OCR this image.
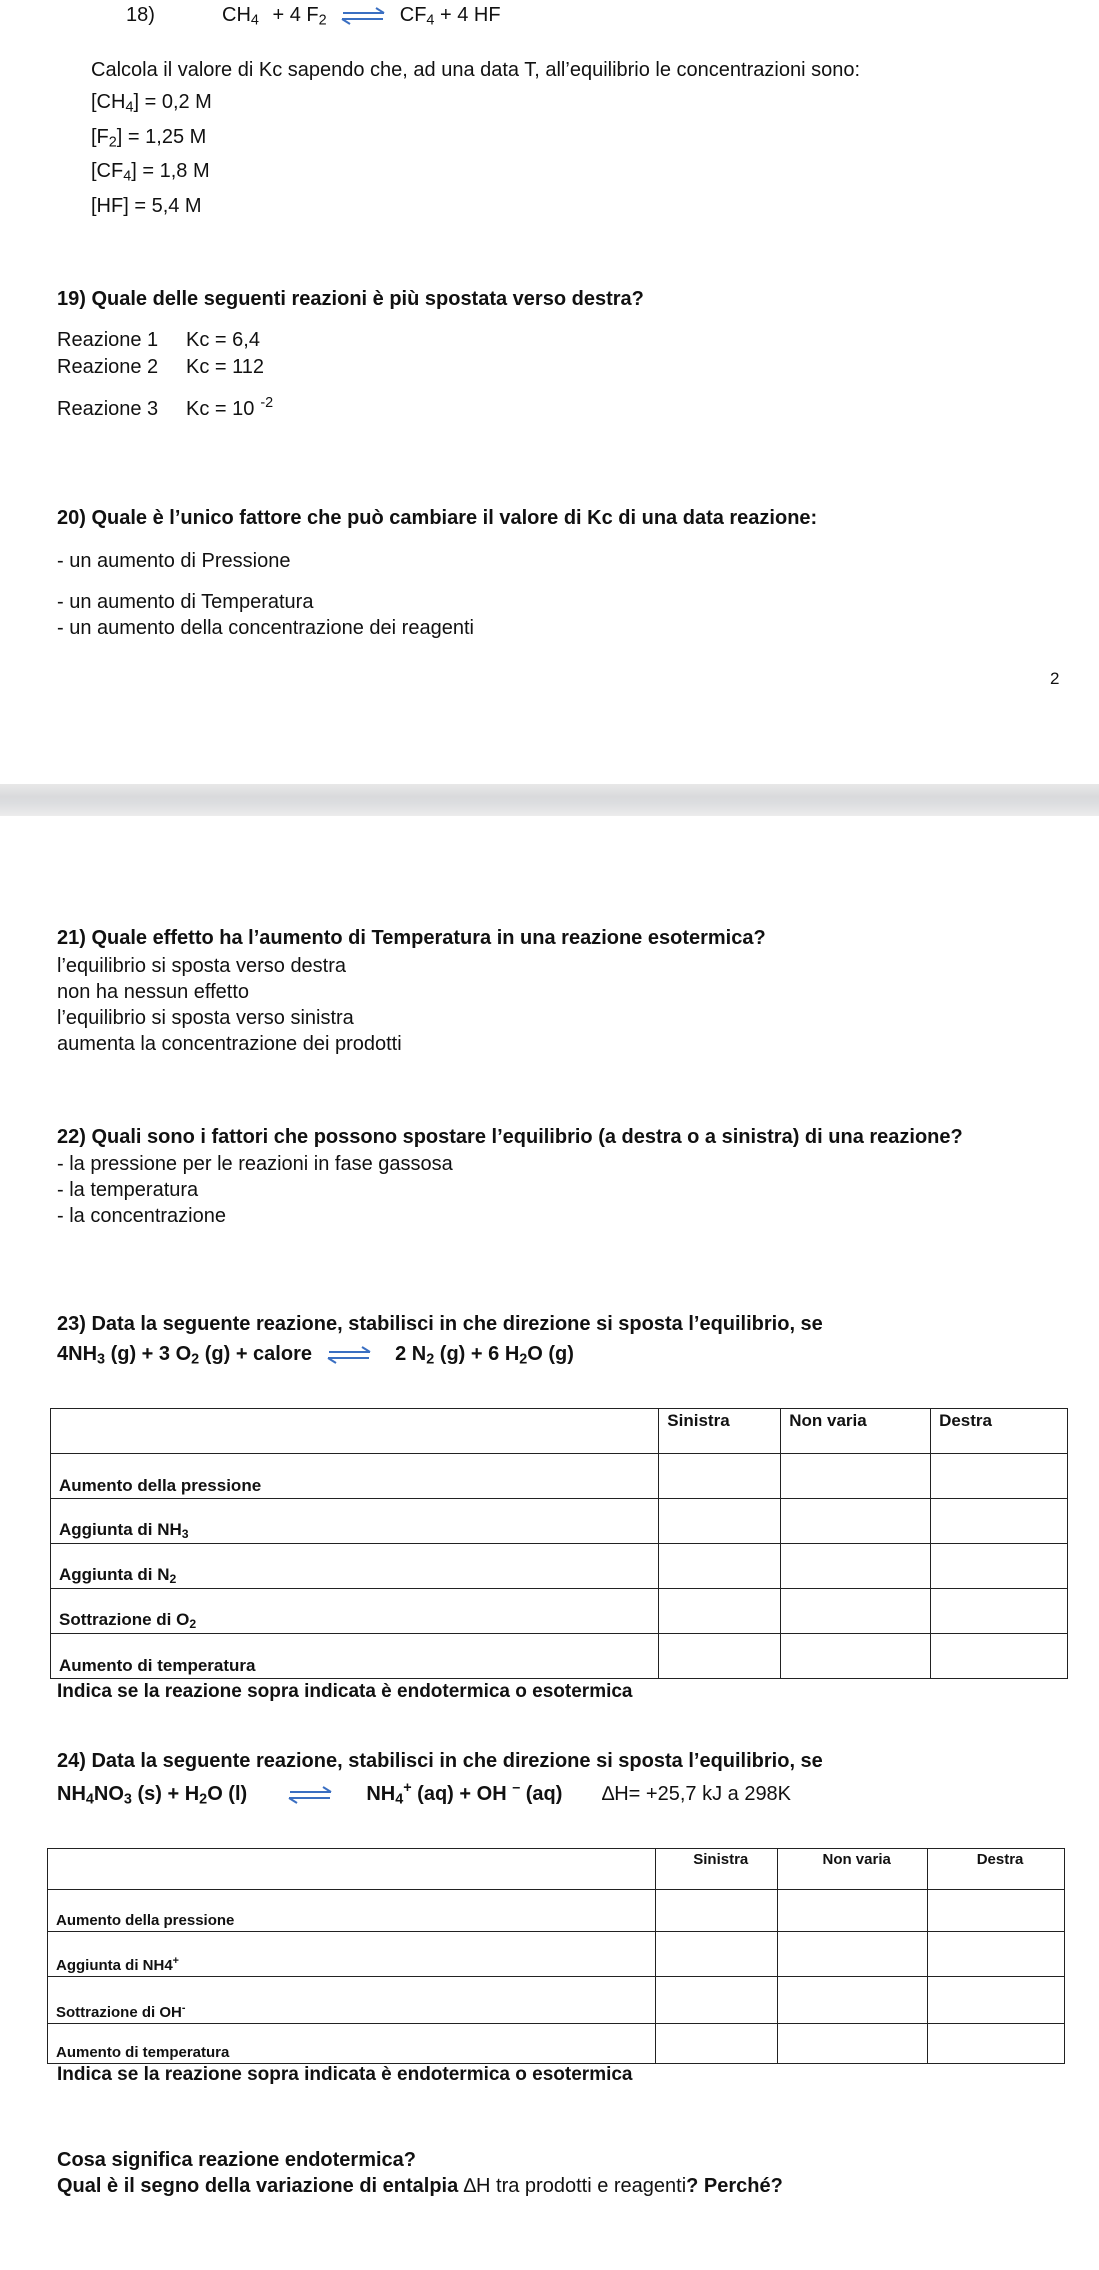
18)	$CH_4 + 4$ $F_2$ ⇌ $CF_4 + 4$ HF
Calcola il valore di Kc sapendo che, ad una data T, all’equilibrio le concentrazioni sono:
$[CH_4] = 0,2$ M
$[F_2] = 1,25$ M
$[CF_4] = 1,8$ M
[HF] = 5,4 M
19) Quale delle seguenti reazioni è più spostata verso destra?
Reazione 1 Kc = 6,4
Reazione 2 Kc = 112
Reazione 3 Kc = 10 $^{-2}$
20) Quale è l’unico fattore che può cambiare il valore di Kc di una data reazione:
- un aumento di Pressione
- un aumento di Temperatura
- un aumento della concentrazione dei reagenti
2
21) Quale effetto ha l’aumento di Temperatura in una reazione esotermica?
l’equilibrio si sposta verso destra
non ha nessun effetto
l’equilibrio si sposta verso sinistra
aumenta la concentrazione dei prodotti
22) Quali sono i fattori che possono spostare l’equilibrio (a destra o a sinistra) di una reazione?
- la pressione per le reazioni in fase gassosa
- la temperatura
- la concentrazione
23) Data la seguente reazione, stabilisci in che direzione si sposta l’equilibrio, se
$4NH_3$ (g) + 3 $O_2$ (g) + calore ⇌ 2 $N_2$ (g) + 6 $H_2O$ (g)
	Sinistra	Non varia	Destra
Aumento della pressione			
Aggiunta di $NH_3$			
Aggiunta di $N_2$			
Sottrazione di $O_2$			
Aumento di temperatura			
Indica se la reazione sopra indicata è endotermica o esotermica
24) Data la seguente reazione, stabilisci in che direzione si sposta l’equilibrio, se
$NH_4NO_3$ $(s) + H_2O$ (l)	$NH_4^+$ (aq) + OH – (aq) ∆H= +25,7 kJ a 298K
	Sinistra	Non varia	Destra
Aumento della pressione			
Aggiunta di NH4+			
Sottrazione di OH-			
Aumento di temperatura			
Indica se la reazione sopra indicata è endotermica o esotermica
Cosa significa reazione endotermica?
Qual è il segno della variazione di entalpia ∆H tra prodotti e reagenti? Perché?
